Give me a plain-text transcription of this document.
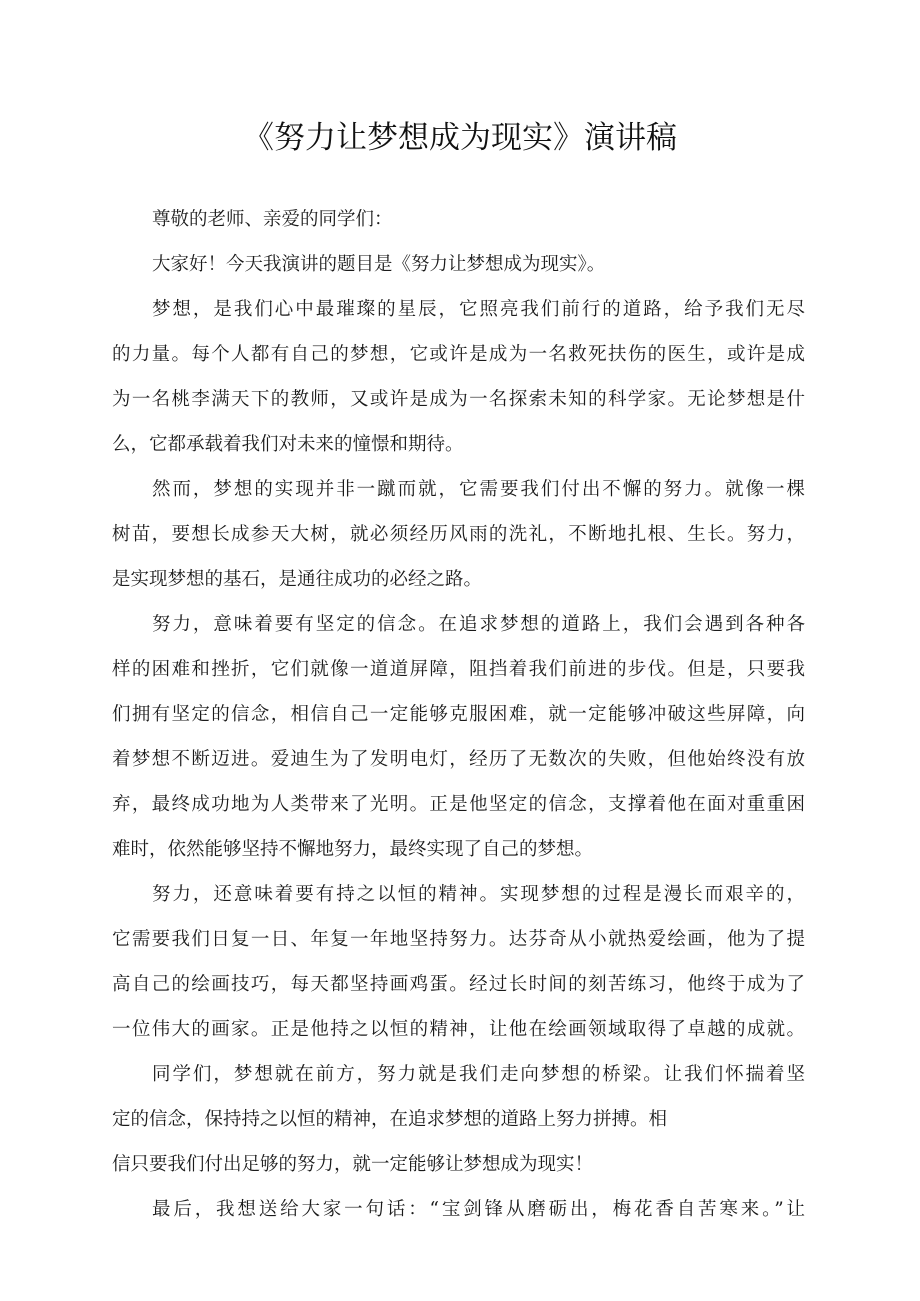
《努力让梦想成为现实》演讲稿

尊敬的老师、亲爱的同学们：

大家好！今天我演讲的题目是《努力让梦想成为现实》。

梦想，是我们心中最璀璨的星辰，它照亮我们前行的道路，给予我们无尽

的力量。每个人都有自己的梦想，它或许是成为一名救死扶伤的医生，或许是成

为一名桃李满天下的教师，又或许是成为一名探索未知的科学家。无论梦想是什

么，它都承载着我们对未来的憧憬和期待。

然而，梦想的实现并非一蹴而就，它需要我们付出不懈的努力。就像一棵

树苗，要想长成参天大树，就必须经历风雨的洗礼，不断地扎根、生长。努力，

是实现梦想的基石，是通往成功的必经之路。

努力，意味着要有坚定的信念。在追求梦想的道路上，我们会遇到各种各

样的困难和挫折，它们就像一道道屏障，阻挡着我们前进的步伐。但是，只要我

们拥有坚定的信念，相信自己一定能够克服困难，就一定能够冲破这些屏障，向

着梦想不断迈进。爱迪生为了发明电灯，经历了无数次的失败，但他始终没有放

弃，最终成功地为人类带来了光明。正是他坚定的信念，支撑着他在面对重重困

难时，依然能够坚持不懈地努力，最终实现了自己的梦想。

努力，还意味着要有持之以恒的精神。实现梦想的过程是漫长而艰辛的，

它需要我们日复一日、年复一年地坚持努力。达芬奇从小就热爱绘画，他为了提

高自己的绘画技巧，每天都坚持画鸡蛋。经过长时间的刻苦练习，他终于成为了

一位伟大的画家。正是他持之以恒的精神，让他在绘画领域取得了卓越的成就。

同学们，梦想就在前方，努力就是我们走向梦想的桥梁。让我们怀揣着坚

定的信念，保持持之以恒的精神，在追求梦想的道路上努力拼搏。相

信只要我们付出足够的努力，就一定能够让梦想成为现实！

最后，我想送给大家一句话：“宝剑锋从磨砺出，梅花香自苦寒来。”让
